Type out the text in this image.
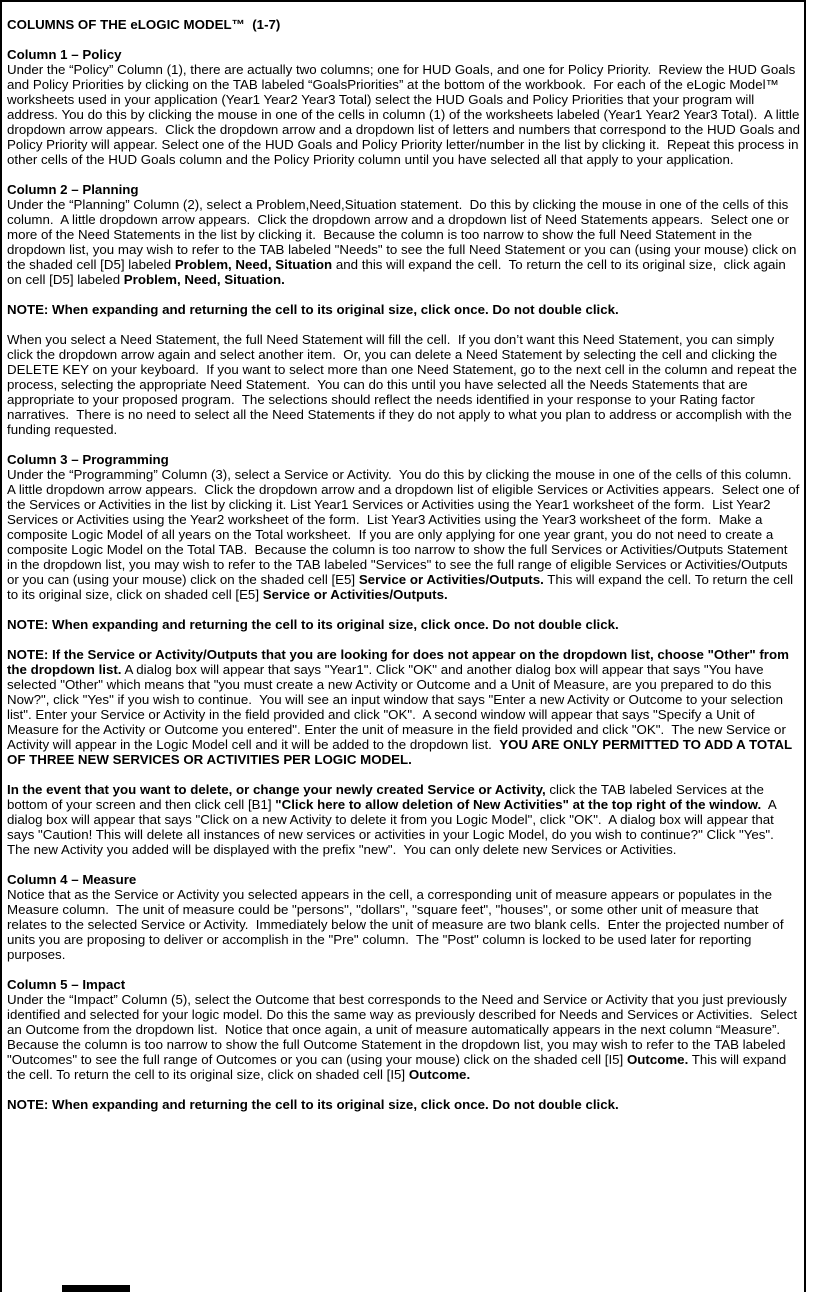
COLUMNS OF THE eLOGIC MODEL™  (1-7)
Column 1 – Policy
Under the “Policy” Column (1), there are actually two columns; one for HUD Goals, and one for Policy Priority.  Review the HUD Goals and Policy Priorities by clicking on the TAB labeled “GoalsPriorities” at the bottom of the workbook.  For each of the eLogic Model™ worksheets used in your application (Year1 Year2 Year3 Total) select the HUD Goals and Policy Priorities that your program will address. You do this by clicking the mouse in one of the cells in column (1) of the worksheets labeled (Year1 Year2 Year3 Total).  A little dropdown arrow appears.  Click the dropdown arrow and a dropdown list of letters and numbers that correspond to the HUD Goals and Policy Priority will appear. Select one of the HUD Goals and Policy Priority letter/number in the list by clicking it.  Repeat this process in other cells of the HUD Goals column and the Policy Priority column until you have selected all that apply to your application.
Column 2 – Planning
Under the “Planning” Column (2), select a Problem,Need,Situation statement.  Do this by clicking the mouse in one of the cells of this column.  A little dropdown arrow appears.  Click the dropdown arrow and a dropdown list of Need Statements appears.  Select one or more of the Need Statements in the list by clicking it.  Because the column is too narrow to show the full Need Statement in the dropdown list, you may wish to refer to the TAB labeled "Needs" to see the full Need Statement or you can (using your mouse) click on the shaded cell [D5] labeled Problem, Need, Situation and this will expand the cell.  To return the cell to its original size,  click again on cell [D5] labeled Problem, Need, Situation.
NOTE: When expanding and returning the cell to its original size, click once. Do not double click.
When you select a Need Statement, the full Need Statement will fill the cell.  If you don’t want this Need Statement, you can simply click the dropdown arrow again and select another item.  Or, you can delete a Need Statement by selecting the cell and clicking the DELETE KEY on your keyboard.  If you want to select more than one Need Statement, go to the next cell in the column and repeat the process, selecting the appropriate Need Statement.  You can do this until you have selected all the Needs Statements that are appropriate to your proposed program.  The selections should reflect the needs identified in your response to your Rating factor narratives.  There is no need to select all the Need Statements if they do not apply to what you plan to address or accomplish with the funding requested.
Column 3 – Programming
Under the “Programming” Column (3), select a Service or Activity.  You do this by clicking the mouse in one of the cells of this column.  A little dropdown arrow appears.  Click the dropdown arrow and a dropdown list of eligible Services or Activities appears.  Select one of the Services or Activities in the list by clicking it. List Year1 Services or Activities using the Year1 worksheet of the form.  List Year2 Services or Activities using the Year2 worksheet of the form.  List Year3 Activities using the Year3 worksheet of the form.  Make a composite Logic Model of all years on the Total worksheet.  If you are only applying for one year grant, you do not need to create a composite Logic Model on the Total TAB.  Because the column is too narrow to show the full Services or Activities/Outputs Statement in the dropdown list, you may wish to refer to the TAB labeled "Services" to see the full range of eligible Services or Activities/Outputs or you can (using your mouse) click on the shaded cell [E5] Service or Activities/Outputs. This will expand the cell. To return the cell to its original size, click on shaded cell [E5] Service or Activities/Outputs.
NOTE: When expanding and returning the cell to its original size, click once. Do not double click.
NOTE: If the Service or Activity/Outputs that you are looking for does not appear on the dropdown list, choose "Other" from the dropdown list. A dialog box will appear that says "Year1". Click "OK" and another dialog box will appear that says "You have selected "Other" which means that "you must create a new Activity or Outcome and a Unit of Measure, are you prepared to do this Now?", click "Yes" if you wish to continue.  You will see an input window that says "Enter a new Activity or Outcome to your selection list". Enter your Service or Activity in the field provided and click "OK".  A second window will appear that says "Specify a Unit of Measure for the Activity or Outcome you entered". Enter the unit of measure in the field provided and click "OK".  The new Service or Activity will appear in the Logic Model cell and it will be added to the dropdown list.  YOU ARE ONLY PERMITTED TO ADD A TOTAL OF THREE NEW SERVICES OR ACTIVITIES PER LOGIC MODEL.
In the event that you want to delete, or change your newly created Service or Activity, click the TAB labeled Services at the bottom of your screen and then click cell [B1] "Click here to allow deletion of New Activities" at the top right of the window.  A dialog box will appear that says "Click on a new Activity to delete it from you Logic Model", click "OK".  A dialog box will appear that says "Caution! This will delete all instances of new services or activities in your Logic Model, do you wish to continue?" Click "Yes".  The new Activity you added will be displayed with the prefix "new".  You can only delete new Services or Activities.
Column 4 – Measure
Notice that as the Service or Activity you selected appears in the cell, a corresponding unit of measure appears or populates in the Measure column.  The unit of measure could be "persons", "dollars", "square feet", "houses", or some other unit of measure that relates to the selected Service or Activity.  Immediately below the unit of measure are two blank cells.  Enter the projected number of units you are proposing to deliver or accomplish in the "Pre" column.  The "Post" column is locked to be used later for reporting purposes.
Column 5 – Impact
Under the “Impact” Column (5), select the Outcome that best corresponds to the Need and Service or Activity that you just previously identified and selected for your logic model. Do this the same way as previously described for Needs and Services or Activities.  Select an Outcome from the dropdown list.  Notice that once again, a unit of measure automatically appears in the next column “Measure”. Because the column is too narrow to show the full Outcome Statement in the dropdown list, you may wish to refer to the TAB labeled "Outcomes" to see the full range of Outcomes or you can (using your mouse) click on the shaded cell [I5] Outcome. This will expand the cell. To return the cell to its original size, click on shaded cell [I5] Outcome.
NOTE: When expanding and returning the cell to its original size, click once. Do not double click.
